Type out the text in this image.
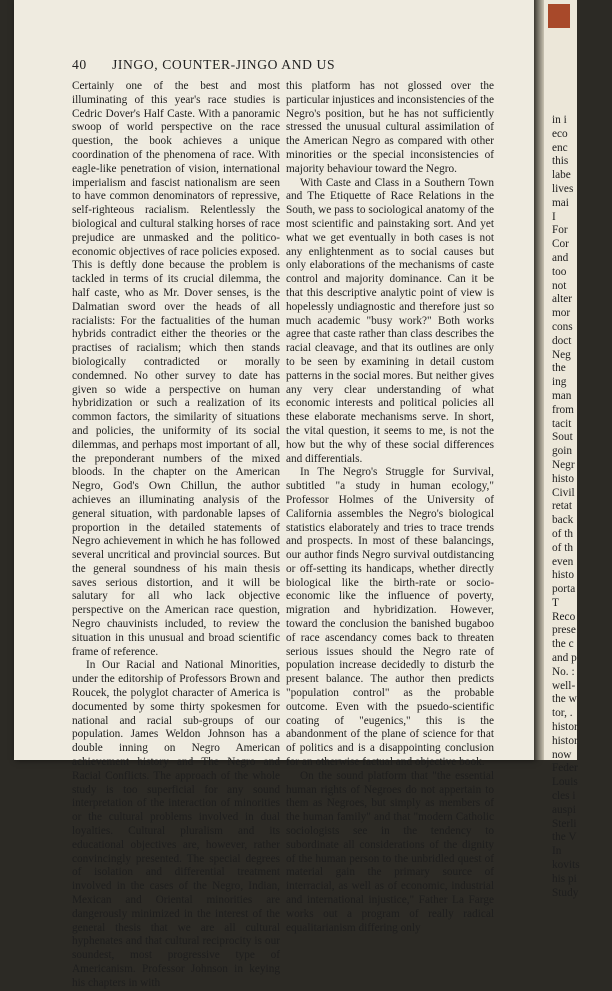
in i
eco
enc
this
labe
lives
mai
I
For
Cor
and
too
not
alter
mor
cons
doct
Neg
the
ing
man
from
tacit
Sout
goin
Negr
histo
Civil
retat
back
of th
of th
even
histo
porta
T
Reco
prese
the c
and p
No. :
well-
the w
tor, .
histor
histor
now
Feder
Louis
cles i
auspi
Sterli
the V
In
kovits
his pi
Study
40 JINGO, COUNTER-JINGO AND US

Certainly one of the best and most illuminating of this year's race studies is Cedric Dover's Half Caste. With a panoramic swoop of world perspective on the race question, the book achieves a unique coordination of the phenomena of race. With eagle-like penetration of vision, international imperialism and fascist nationalism are seen to have common denominators of repressive, self-righteous racialism. Relentlessly the biological and cultural stalking horses of race prejudice are unmasked and the politico-economic objectives of race policies exposed. This is deftly done because the problem is tackled in terms of its crucial dilemma, the half caste, who as Mr. Dover senses, is the Dalmatian sword over the heads of all racialists: For the factualities of the human hybrids contradict either the theories or the practises of racialism; which then stands biologically contradicted or morally condemned. No other survey to date has given so wide a perspective on human hybridization or such a realization of its common factors, the similarity of situations and policies, the uniformity of its social dilemmas, and perhaps most important of all, the preponderant numbers of the mixed bloods. In the chapter on the American Negro, God's Own Chillun, the author achieves an illuminating analysis of the general situation, with pardonable lapses of proportion in the detailed statements of Negro achievement in which he has followed several uncritical and provincial sources. But the general soundness of his main thesis saves serious distortion, and it will be salutary for all who lack objective perspective on the American race question, Negro chauvinists included, to review the situation in this unusual and broad scientific frame of reference.

In Our Racial and National Minorities, under the editorship of Professors Brown and Roucek, the polyglot character of America is documented by some thirty spokesmen for national and racial sub-groups of our population. James Weldon Johnson has a double inning on Negro American achievement history and The Negro and Racial Conflicts. The approach of the whole study is too superficial for any sound interpretation of the interaction of minorities or the cultural problems involved in dual loyalties. Cultural pluralism and its educational objectives are, however, rather convincingly presented. The special degrees of isolation and differential treatment involved in the cases of the Negro, Indian, Mexican and Oriental minorities are dangerously minimized in the interest of the general thesis that we are all cultural hyphenates and that cultural reciprocity is our soundest, most progressive type of Americanism. Professor Johnson in keying his chapters in with

this platform has not glossed over the particular injustices and inconsistencies of the Negro's position, but he has not sufficiently stressed the unusual cultural assimilation of the American Negro as compared with other minorities or the special inconsistencies of majority behaviour toward the Negro.

With Caste and Class in a Southern Town and The Etiquette of Race Relations in the South, we pass to sociological anatomy of the most scientific and painstaking sort. And yet what we get eventually in both cases is not any enlightenment as to social causes but only elaborations of the mechanisms of caste control and majority dominance. Can it be that this descriptive analytic point of view is hopelessly undiagnostic and therefore just so much academic "busy work?" Both works agree that caste rather than class describes the racial cleavage, and that its outlines are only to be seen by examining in detail custom patterns in the social mores. But neither gives any very clear understanding of what economic interests and political policies all these elaborate mechanisms serve. In short, the vital question, it seems to me, is not the how but the why of these social differences and differentials.

In The Negro's Struggle for Survival, subtitled "a study in human ecology," Professor Holmes of the University of California assembles the Negro's biological statistics elaborately and tries to trace trends and prospects. In most of these balancings, our author finds Negro survival outdistancing or off-setting its handicaps, whether directly biological like the birth-rate or socio-economic like the influence of poverty, migration and hybridization. However, toward the conclusion the banished bugaboo of race ascendancy comes back to threaten serious issues should the Negro rate of population increase decidedly to disturb the present balance. The author then predicts "population control" as the probable outcome. Even with the psuedo-scientific coating of "eugenics," this is the abandonment of the plane of science for that of politics and is a disappointing conclusion for an otherwise factual and objective book.

On the sound platform that "the essential human rights of Negroes do not appertain to them as Negroes, but simply as members of the human family" and that "modern Catholic sociologists see in the tendency to subordinate all considerations of the dignity of the human person to the unbridled quest of material gain the primary source of interracial, as well as of economic, industrial and international injustice," Father La Farge works out a program of really radical equalitarianism differing only
